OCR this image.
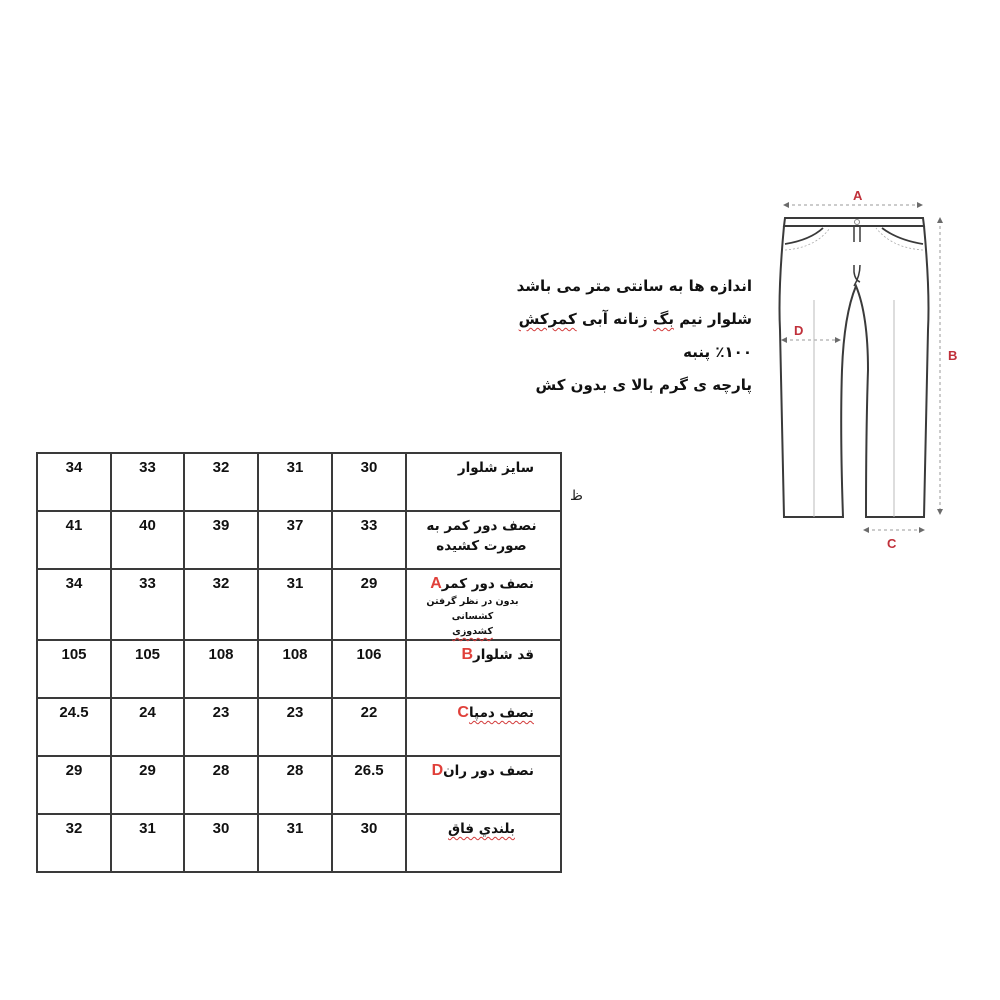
اندازه ها به سانتی متر می باشد
شلوار نیم بگ زنانه آبی کمرکش
٪۱۰۰ پنبه
پارچه ی گرم بالا ی بدون کش
A
B
C
D
ظ
34	33	32	31	30	سایز شلوار
41	40	39	37	33	نصف دور کمر به صورت کشیده
34	33	32	31	29	نصف دور کمرA
بدون در نظر گرفتن کشسانی
کشدوزی

105	105	108	108	106	قد شلوارB
24.5	24	23	23	22	نصف دمپاC
29	29	28	28	26.5	نصف دور رانD
32	31	30	31	30	بلندي فاق
